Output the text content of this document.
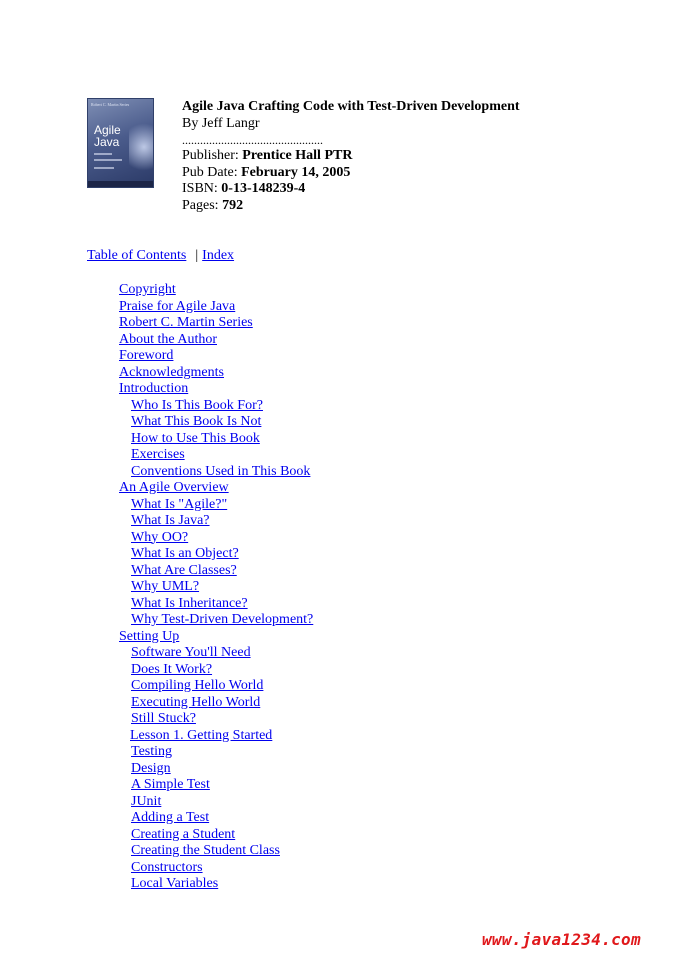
Robert C. Martin Series
Agile
Java
Agile Java Crafting Code with Test-Driven Development
By Jeff Langr
...............................................
Publisher: Prentice Hall PTR
Pub Date: February 14, 2005
ISBN: 0-13-148239-4
Pages: 792
Table of Contents | Index
Copyright
Praise for Agile Java
Robert C. Martin Series
About the Author
Foreword
Acknowledgments
Introduction
Who Is This Book For?
What This Book Is Not
How to Use This Book
Exercises
Conventions Used in This Book
An Agile Overview
What Is "Agile?"
What Is Java?
Why OO?
What Is an Object?
What Are Classes?
Why UML?
What Is Inheritance?
Why Test-Driven Development?
Setting Up
Software You'll Need
Does It Work?
Compiling Hello World
Executing Hello World
Still Stuck?
Lesson 1. Getting Started
Testing
Design
A Simple Test
JUnit
Adding a Test
Creating a Student
Creating the Student Class
Constructors
Local Variables
www.java1234.com
